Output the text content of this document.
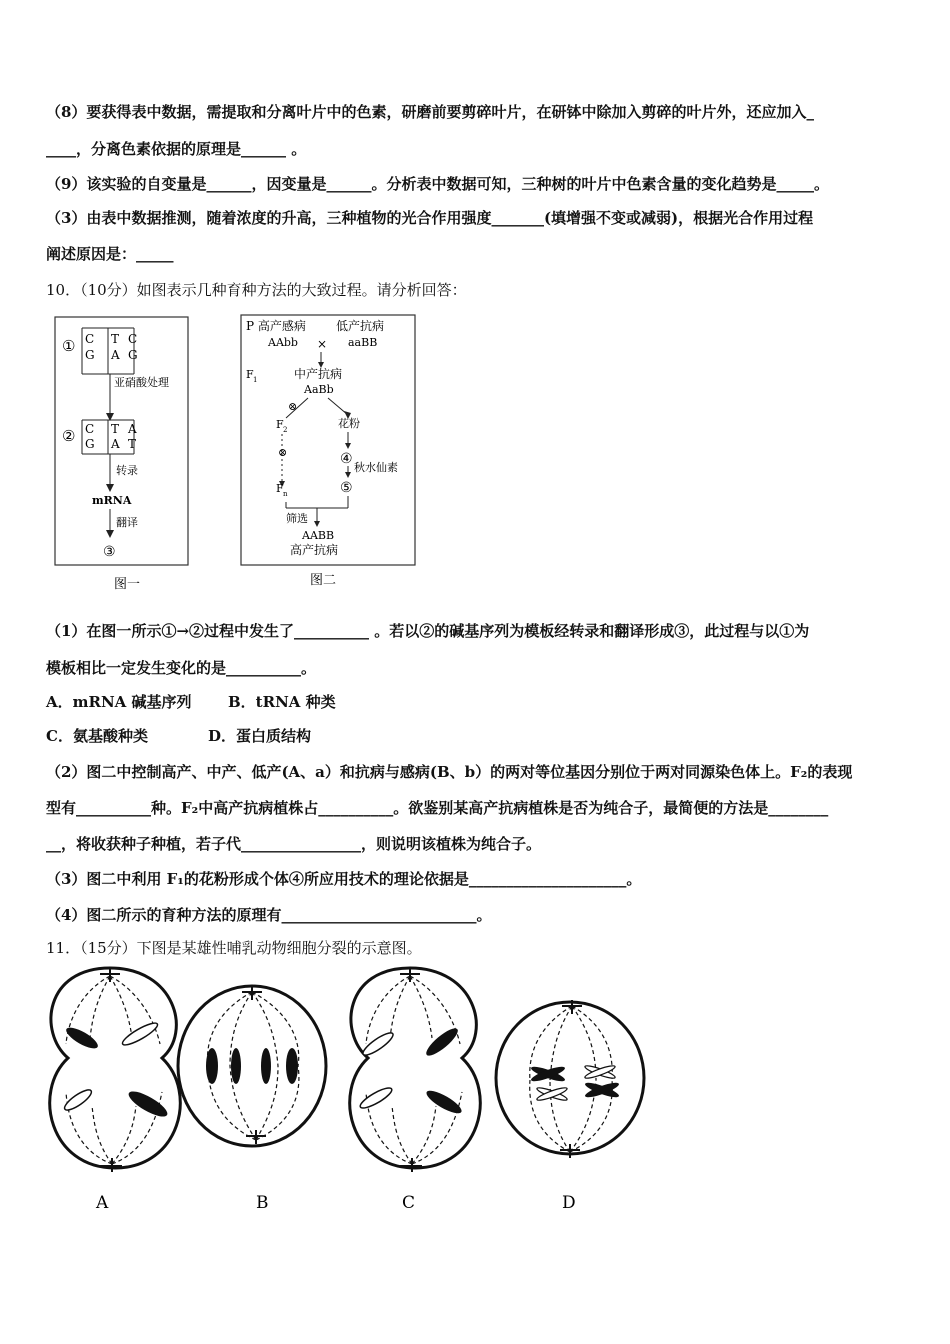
（8）要获得表中数据，需提取和分离叶片中的色素，研磨前要剪碎叶片，在研钵中除加入剪碎的叶片外，还应加入_
____，分离色素依据的原理是______ 。
（9）该实验的自变量是______，因变量是______。分析表中数据可知，三种树的叶片中色素含量的变化趋势是_____。
（3）由表中数据推测，随着浓度的升高，三种植物的光合作用强度_______(填增强不变或减弱)，根据光合作用过程
阐述原因是：_____
10．（10分）如图表示几种育种方法的大致过程。请分析回答：
① C T C
G A G
亚硝酸处理
② C T A
G A T
转录
mRNA
翻译
③
图一
P 高产感病	低产抗病
AAbb × aaBB
F 1	中产抗病
AaBb
⊗
F 2
⊗
F n
花粉
④
秋水仙素
⑤
筛选
AABB
高产抗病
图二
（1）在图一所示①→②过程中发生了__________ 。若以②的碱基序列为模板经转录和翻译形成③，此过程与以①为
模板相比一定发生变化的是__________。
A．mRNA 碱基序列	B．tRNA 种类
C．氨基酸种类	D．蛋白质结构
（2）图二中控制高产、中产、低产(A、a）和抗病与感病(B、b）的两对等位基因分别位于两对同源染色体上。F₂的表现
型有__________种。F₂中高产抗病植株占__________。欲鉴别某高产抗病植株是否为纯合子，最简便的方法是________
__，将收获种子种植，若子代________________，则说明该植株为纯合子。
（3）图二中利用 F₁的花粉形成个体④所应用技术的理论依据是_____________________。
（4）图二所示的育种方法的原理有__________________________。
11．（15分）下图是某雄性哺乳动物细胞分裂的示意图。
A	B	C	D
